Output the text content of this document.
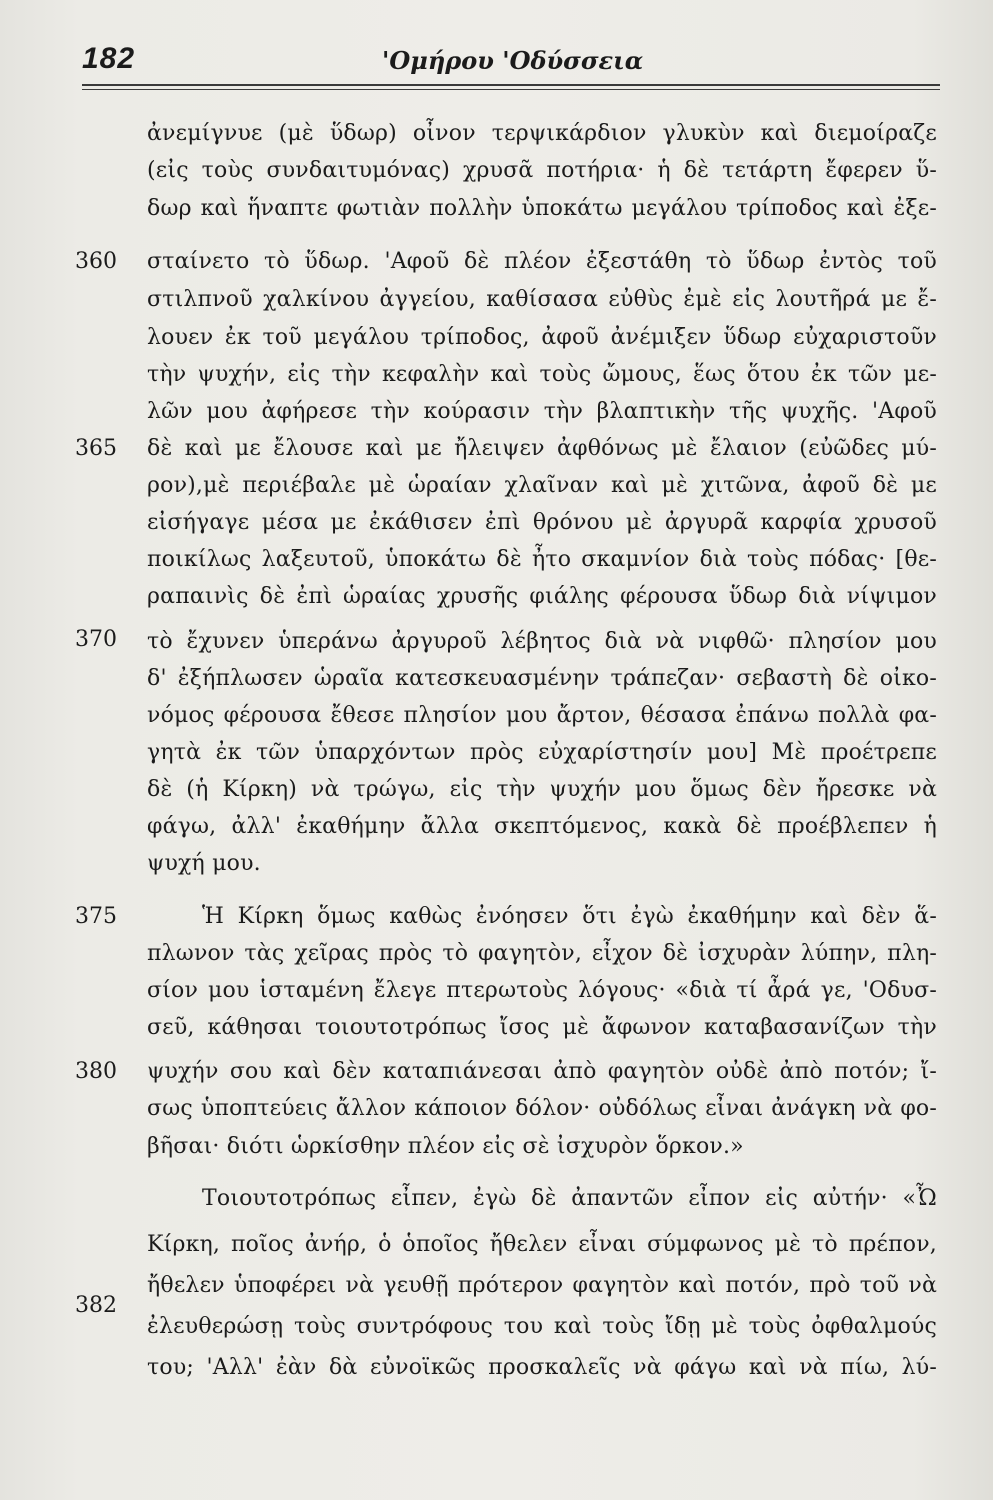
182	'Ομήρου 'Οδύσσεια
360
365
370
375
380
382
ἀνεμίγνυε (μὲ ὕδωρ) οἶνον τερψικάρδιον γλυκὺν καὶ διεμοίραζε
(εἰς τοὺς συνδαιτυμόνας) χρυσᾶ ποτήρια· ἡ δὲ τετάρτη ἔφερεν ὕ-
δωρ καὶ ἥναπτε φωτιὰν πολλὴν ὑποκάτω μεγάλου τρίποδος καὶ ἐξε-
σταίνετο τὸ ὕδωρ. 'Αφοῦ δὲ πλέον ἐξεστάθη τὸ ὕδωρ ἐντὸς τοῦ
στιλπνοῦ χαλκίνου ἀγγείου, καθίσασα εὐθὺς ἐμὲ εἰς λουτῆρά με ἔ-
λουεν ἐκ τοῦ μεγάλου τρίποδος, ἀφοῦ ἀνέμιξεν ὕδωρ εὐχαριστοῦν
τὴν ψυχήν, εἰς τὴν κεφαλὴν καὶ τοὺς ὤμους, ἕως ὅτου ἐκ τῶν με-
λῶν μου ἀφήρεσε τὴν κούρασιν τὴν βλαπτικὴν τῆς ψυχῆς. 'Αφοῦ
δὲ καὶ με ἔλουσε καὶ με ἤλειψεν ἀφθόνως μὲ ἔλαιον (εὐῶδες μύ-
ρον),μὲ περιέβαλε μὲ ὡραίαν χλαῖναν καὶ μὲ χιτῶνα, ἀφοῦ δὲ με
εἰσήγαγε μέσα με ἐκάθισεν ἐπὶ θρόνου μὲ ἀργυρᾶ καρφία χρυσοῦ
ποικίλως λαξευτοῦ, ὑποκάτω δὲ ἦτο σκαμνίον διὰ τοὺς πόδας· [θε-
ραπαινὶς δὲ ἐπὶ ὡραίας χρυσῆς φιάλης φέρουσα ὕδωρ διὰ νίψιμον
τὸ ἔχυνεν ὑπεράνω ἀργυροῦ λέβητος διὰ νὰ νιφθῶ· πλησίον μου
δ' ἐξήπλωσεν ὡραῖα κατεσκευασμένην τράπεζαν· σεβαστὴ δὲ οἰκο-
νόμος φέρουσα ἔθεσε πλησίον μου ἄρτον, θέσασα ἐπάνω πολλὰ φα-
γητὰ ἐκ τῶν ὑπαρχόντων πρὸς εὐχαρίστησίν μου] Μὲ προέτρεπε
δὲ (ἡ Κίρκη) νὰ τρώγω, εἰς τὴν ψυχήν μου ὅμως δὲν ἤρεσκε νὰ
φάγω, ἀλλ' ἐκαθήμην ἄλλα σκεπτόμενος, κακὰ δὲ προέβλεπεν ἡ
ψυχή μου.
Ἡ Κίρκη ὅμως καθὼς ἐνόησεν ὅτι ἐγὼ ἐκαθήμην καὶ δὲν ἅ-
πλωνον τὰς χεῖρας πρὸς τὸ φαγητὸν, εἶχον δὲ ἰσχυρὰν λύπην, πλη-
σίον μου ἱσταμένη ἔλεγε πτερωτοὺς λόγους· «διὰ τί ἆρά γε, 'Οδυσ-
σεῦ, κάθησαι τοιουτοτρόπως ἴσος μὲ ἄφωνον καταβασανίζων τὴν
ψυχήν σου καὶ δὲν καταπιάνεσαι ἀπὸ φαγητὸν οὐδὲ ἀπὸ ποτόν; ἴ-
σως ὑποπτεύεις ἄλλον κάποιον δόλον· οὐδόλως εἶναι ἀνάγκη νὰ φο-
βῆσαι· διότι ὡρκίσθην πλέον εἰς σὲ ἰσχυρὸν ὅρκον.»
Τοιουτοτρόπως εἶπεν, ἐγὼ δὲ ἀπαντῶν εἶπον εἰς αὐτήν· «Ὦ
Κίρκη, ποῖος ἀνήρ, ὁ ὁποῖος ἤθελεν εἶναι σύμφωνος μὲ τὸ πρέπον,
ἤθελεν ὑποφέρει νὰ γευθῇ πρότερον φαγητὸν καὶ ποτόν, πρὸ τοῦ νὰ
ἐλευθερώσῃ τοὺς συντρόφους του καὶ τοὺς ἴδῃ μὲ τοὺς ὀφθαλμούς
του; 'Αλλ' ἐὰν δὰ εὐνοϊκῶς προσκαλεῖς νὰ φάγω καὶ νὰ πίω, λύ-
